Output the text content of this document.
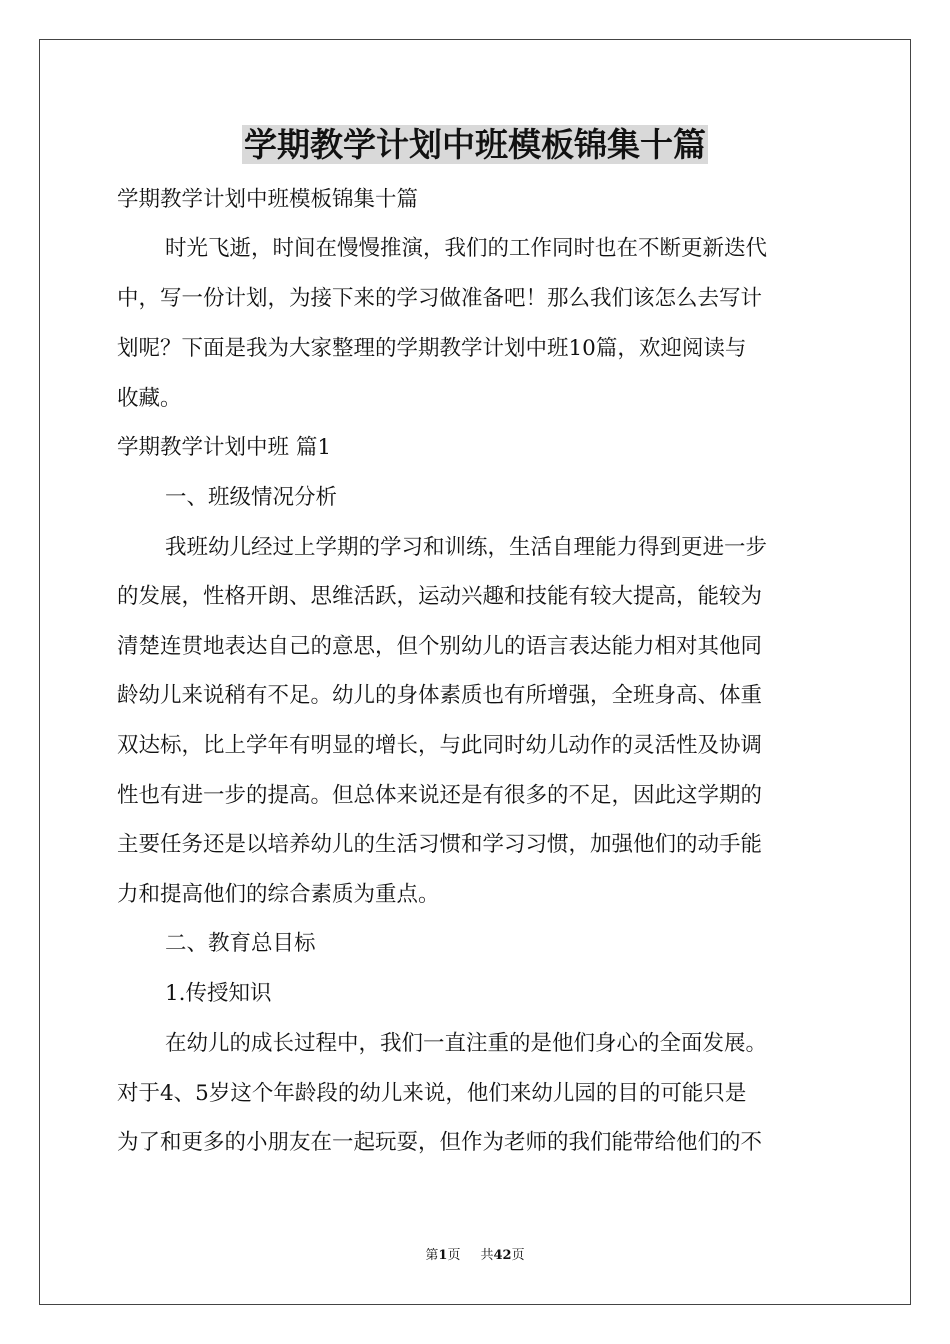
学期教学计划中班模板锦集十篇
学期教学计划中班模板锦集十篇
时光飞逝，时间在慢慢推演，我们的工作同时也在不断更新迭代
中，写一份计划，为接下来的学习做准备吧！那么我们该怎么去写计
划呢？下面是我为大家整理的学期教学计划中班10篇，欢迎阅读与
收藏。
学期教学计划中班 篇1
一、班级情况分析
我班幼儿经过上学期的学习和训练，生活自理能力得到更进一步
的发展，性格开朗、思维活跃，运动兴趣和技能有较大提高，能较为
清楚连贯地表达自己的意思，但个别幼儿的语言表达能力相对其他同
龄幼儿来说稍有不足。幼儿的身体素质也有所增强，全班身高、体重
双达标，比上学年有明显的增长，与此同时幼儿动作的灵活性及协调
性也有进一步的提高。但总体来说还是有很多的不足，因此这学期的
主要任务还是以培养幼儿的生活习惯和学习习惯，加强他们的动手能
力和提高他们的综合素质为重点。
二、教育总目标
1.传授知识
在幼儿的成长过程中，我们一直注重的是他们身心的全面发展。
对于4、5岁这个年龄段的幼儿来说，他们来幼儿园的目的可能只是
为了和更多的小朋友在一起玩耍，但作为老师的我们能带给他们的不
第1页 共42页
